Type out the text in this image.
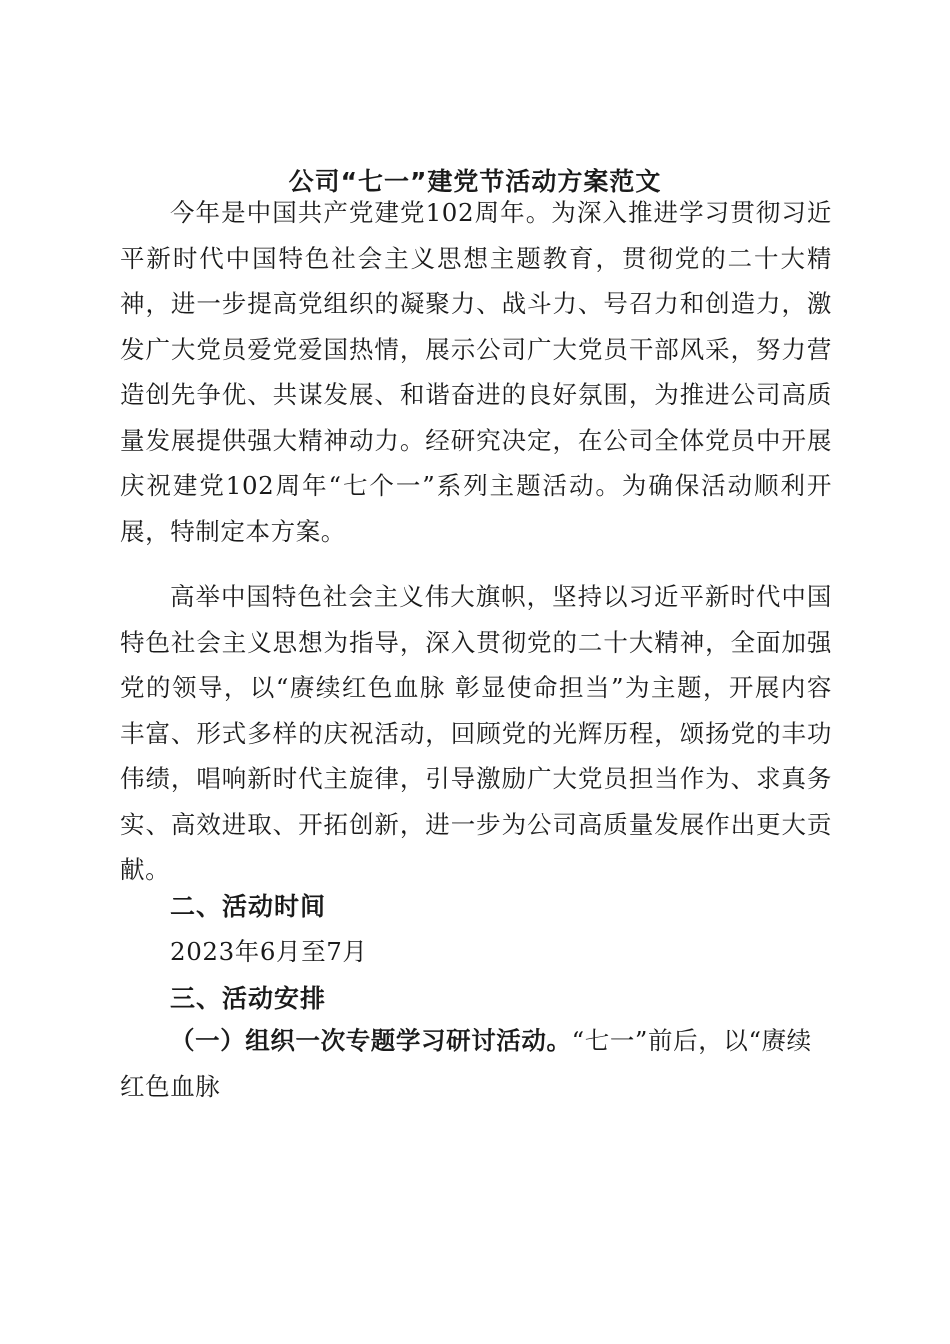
公司“七一”建党节活动方案范文

今年是中国共产党建党102周年。为深入推进学习贯彻习近平新时代中国特色社会主义思想主题教育，贯彻党的二十大精神，进一步提高党组织的凝聚力、战斗力、号召力和创造力，激发广大党员爱党爱国热情，展示公司广大党员干部风采，努力营造创先争优、共谋发展、和谐奋进的良好氛围，为推进公司高质量发展提供强大精神动力。经研究决定，在公司全体党员中开展庆祝建党102周年“七个一”系列主题活动。为确保活动顺利开展，特制定本方案。

高举中国特色社会主义伟大旗帜，坚持以习近平新时代中国特色社会主义思想为指导，深入贯彻党的二十大精神，全面加强党的领导，以“赓续红色血脉 彰显使命担当”为主题，开展内容丰富、形式多样的庆祝活动，回顾党的光辉历程，颂扬党的丰功伟绩，唱响新时代主旋律，引导激励广大党员担当作为、求真务实、高效进取、开拓创新，进一步为公司高质量发展作出更大贡献。

二、活动时间

2023年6月至7月

三、活动安排

（一）组织一次专题学习研讨活动。“七一”前后，以“赓续红色血脉
